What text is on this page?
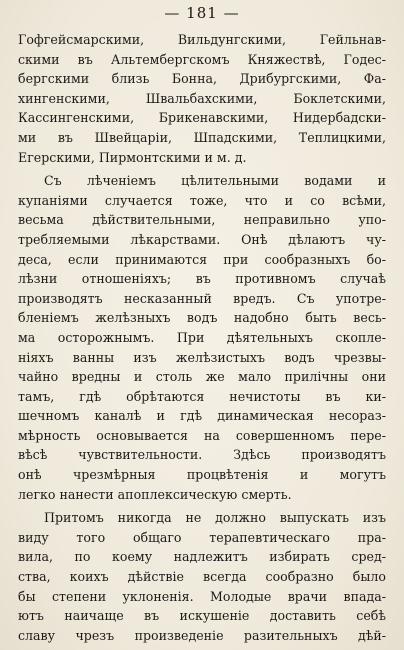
— 181 —
Гофгейсмарскими, Вильдунгскими, Гейльнав-
скими въ Альтембергскомъ Княжествѣ, Годес-
бергскими близь Бонна, Дрибургскими, Фа-
хингенскими, Швальбахскими, Боклетскими,
Кассингенскими, Брикенавскими, Нидербадски-
ми въ Швейцаріи, Шпадскими, Теплицкими,
Егерскими, Пирмонтскими и м. д.
Съ лѣченіемъ цѣлительными водами и
купаніями случается тоже, что и со всѣми,
весьма дѣйствительными, неправильно упо-
требляемыми лѣкарствами. Онѣ дѣлаютъ чу-
деса, если принимаются при сообразныхъ бо-
лѣзни отношеніяхъ; въ противномъ случаѣ
производятъ несказанный вредъ. Съ употре-
бленіемъ желѣзныхъ водъ надобно быть весь-
ма осторожнымъ. При дѣятельныхъ скопле-
ніяхъ ванны изъ желѣзистыхъ водъ чрезвы-
чайно вредны и столь же мало прилічны они
тамъ, гдѣ обрѣтаются нечистоты въ ки-
шечномъ каналѣ и гдѣ динамическая несораз-
мѣрность основывается на совершенномъ пере-
вѣсѣ чувствительности. Здѣсь производятъ
онѣ чрезмѣрныя процвѣтенія и могутъ
легко нанести апоплексическую смерть.
Притомъ никогда не должно выпускать изъ
виду того общаго терапевтическаго пра-
вила, по коему надлежитъ избирать сред-
ства, коихъ дѣйствіе всегда сообразно было
бы степени уклоненія. Молодые врачи впада-
ютъ наичаще въ искушеніе доставить себѣ
славу чрезъ произведеніе разительныхъ дѣй-
